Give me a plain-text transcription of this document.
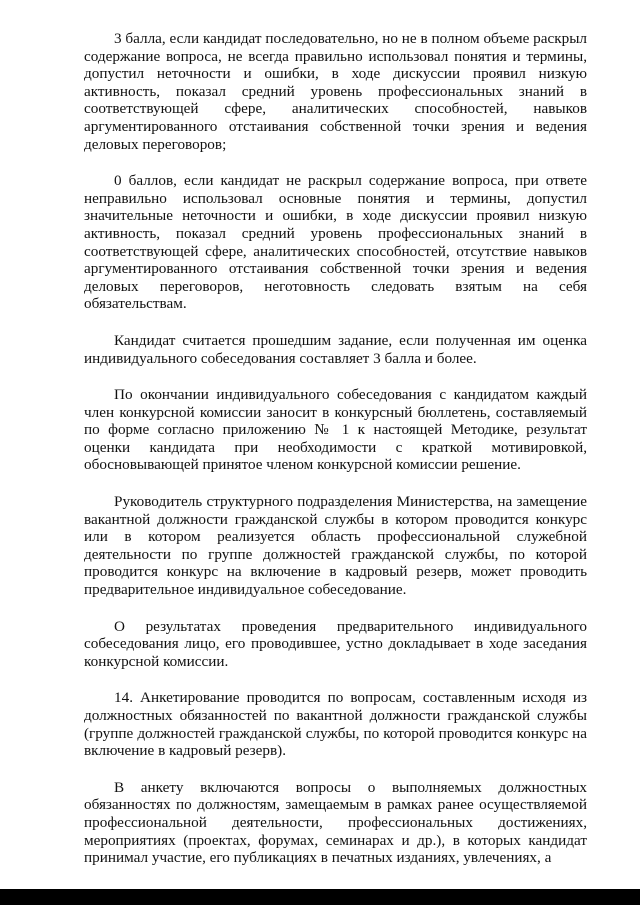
3 балла, если кандидат последовательно, но не в полном объеме раскрыл содержание вопроса, не всегда правильно использовал понятия и термины, допустил неточности и ошибки, в ходе дискуссии проявил низкую активность, показал средний уровень профессиональных знаний в соответствующей сфере, аналитических способностей, навыков аргументированного отстаивания собственной точки зрения и ведения деловых переговоров;

0 баллов, если кандидат не раскрыл содержание вопроса, при ответе неправильно использовал основные понятия и термины, допустил значительные неточности и ошибки, в ходе дискуссии проявил низкую активность, показал средний уровень профессиональных знаний в соответствующей сфере, аналитических способностей, отсутствие навыков аргументированного отстаивания собственной точки зрения и ведения деловых переговоров, неготовность следовать взятым на себя обязательствам.

Кандидат считается прошедшим задание, если полученная им оценка индивидуального собеседования составляет 3 балла и более.

По окончании индивидуального собеседования с кандидатом каждый член конкурсной комиссии заносит в конкурсный бюллетень, составляемый по форме согласно приложению № 1 к настоящей Методике, результат оценки кандидата при необходимости с краткой мотивировкой, обосновывающей принятое членом конкурсной комиссии решение.

Руководитель структурного подразделения Министерства, на замещение вакантной должности гражданской службы в котором проводится конкурс или в котором реализуется область профессиональной служебной деятельности по группе должностей гражданской службы, по которой проводится конкурс на включение в кадровый резерв, может проводить предварительное индивидуальное собеседование.

О результатах проведения предварительного индивидуального собеседования лицо, его проводившее, устно докладывает в ходе заседания конкурсной комиссии.

14. Анкетирование проводится по вопросам, составленным исходя из должностных обязанностей по вакантной должности гражданской службы (группе должностей гражданской службы, по которой проводится конкурс на включение в кадровый резерв).

В анкету включаются вопросы о выполняемых должностных обязанностях по должностям, замещаемым в рамках ранее осуществляемой профессиональной деятельности, профессиональных достижениях, мероприятиях (проектах, форумах, семинарах и др.), в которых кандидат принимал участие, его публикациях в печатных изданиях, увлечениях, а
